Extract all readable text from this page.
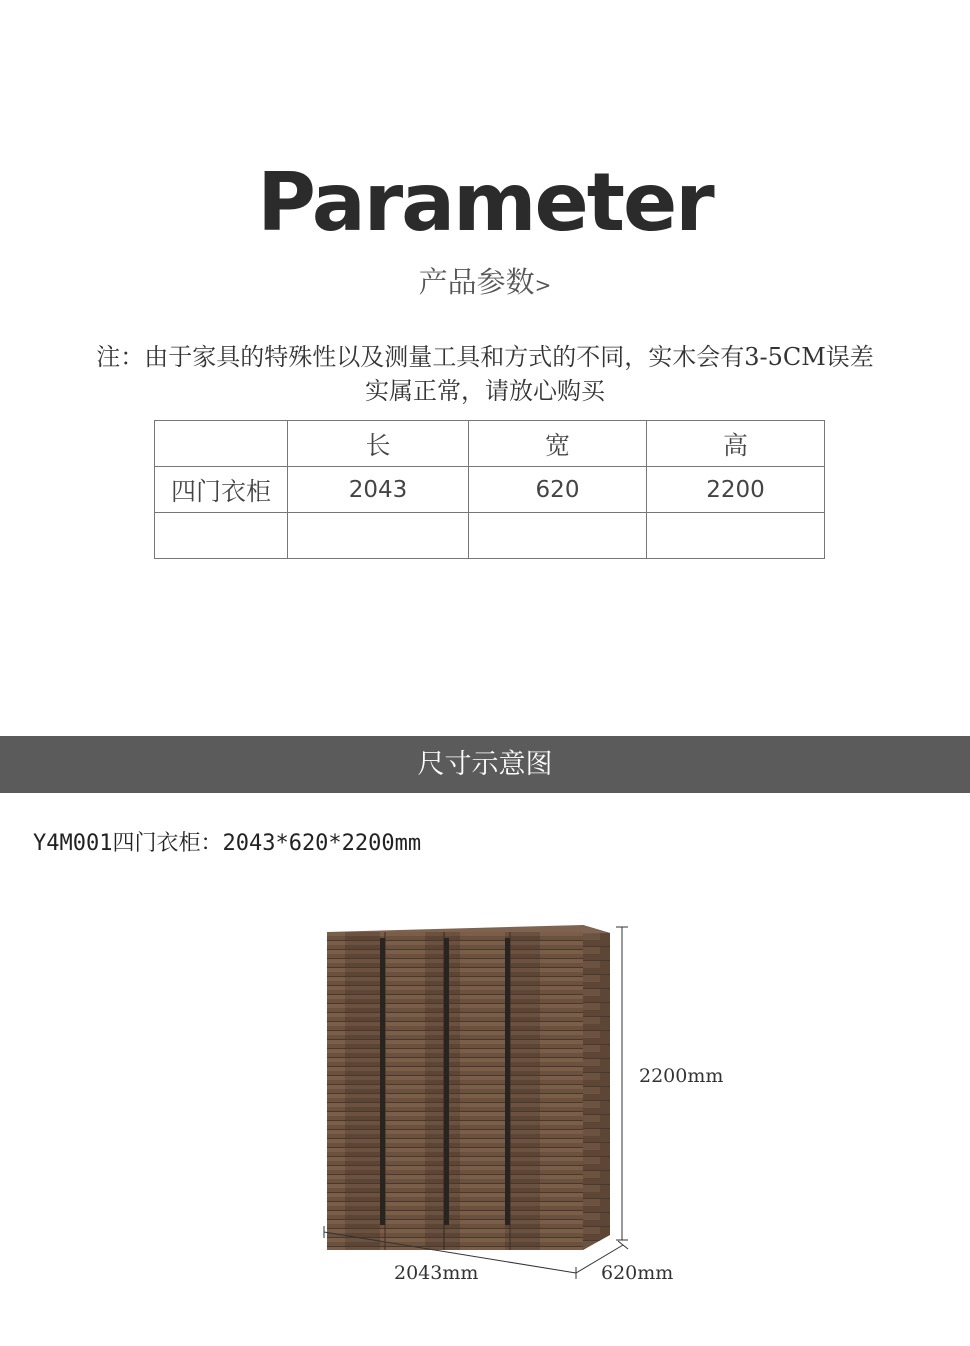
Parameter
产品参数>
注：由于家具的特殊性以及测量工具和方式的不同，实木会有3-5CM误差
实属正常，请放心购买
	长	宽	高
四门衣柜	2043	620	2200

尺寸示意图
Y4M001四门衣柜：2043*620*2200mm
2200mm
2043mm	620mm
